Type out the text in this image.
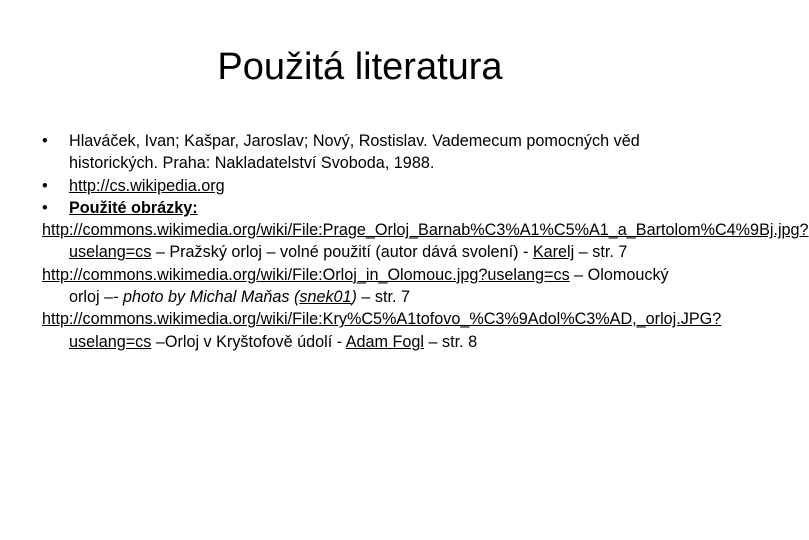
Použitá literatura
• Hlaváček, Ivan; Kašpar, Jaroslav; Nový, Rostislav. Vademecum pomocných věd historických. Praha: Nakladatelství Svoboda, 1988.
• http://cs.wikipedia.org
• Použité obrázky:
http://commons.wikimedia.org/wiki/File:Prage_Orloj_Barnab%C3%A1%C5%A1_a_Bartolom%C4%9Bj.jpg?uselang=cs – Pražský orloj – volné použití (autor dává svolení) - Karelj – str. 7
http://commons.wikimedia.org/wiki/File:Orloj_in_Olomouc.jpg?uselang=cs – Olomoucký orloj –- photo by Michal Maňas (snek01) – str. 7
http://commons.wikimedia.org/wiki/File:Kry%C5%A1tofovo_%C3%9Adol%C3%AD,_orloj.JPG?uselang=cs –Orloj v Kryštofově údolí - Adam Fogl – str. 8
